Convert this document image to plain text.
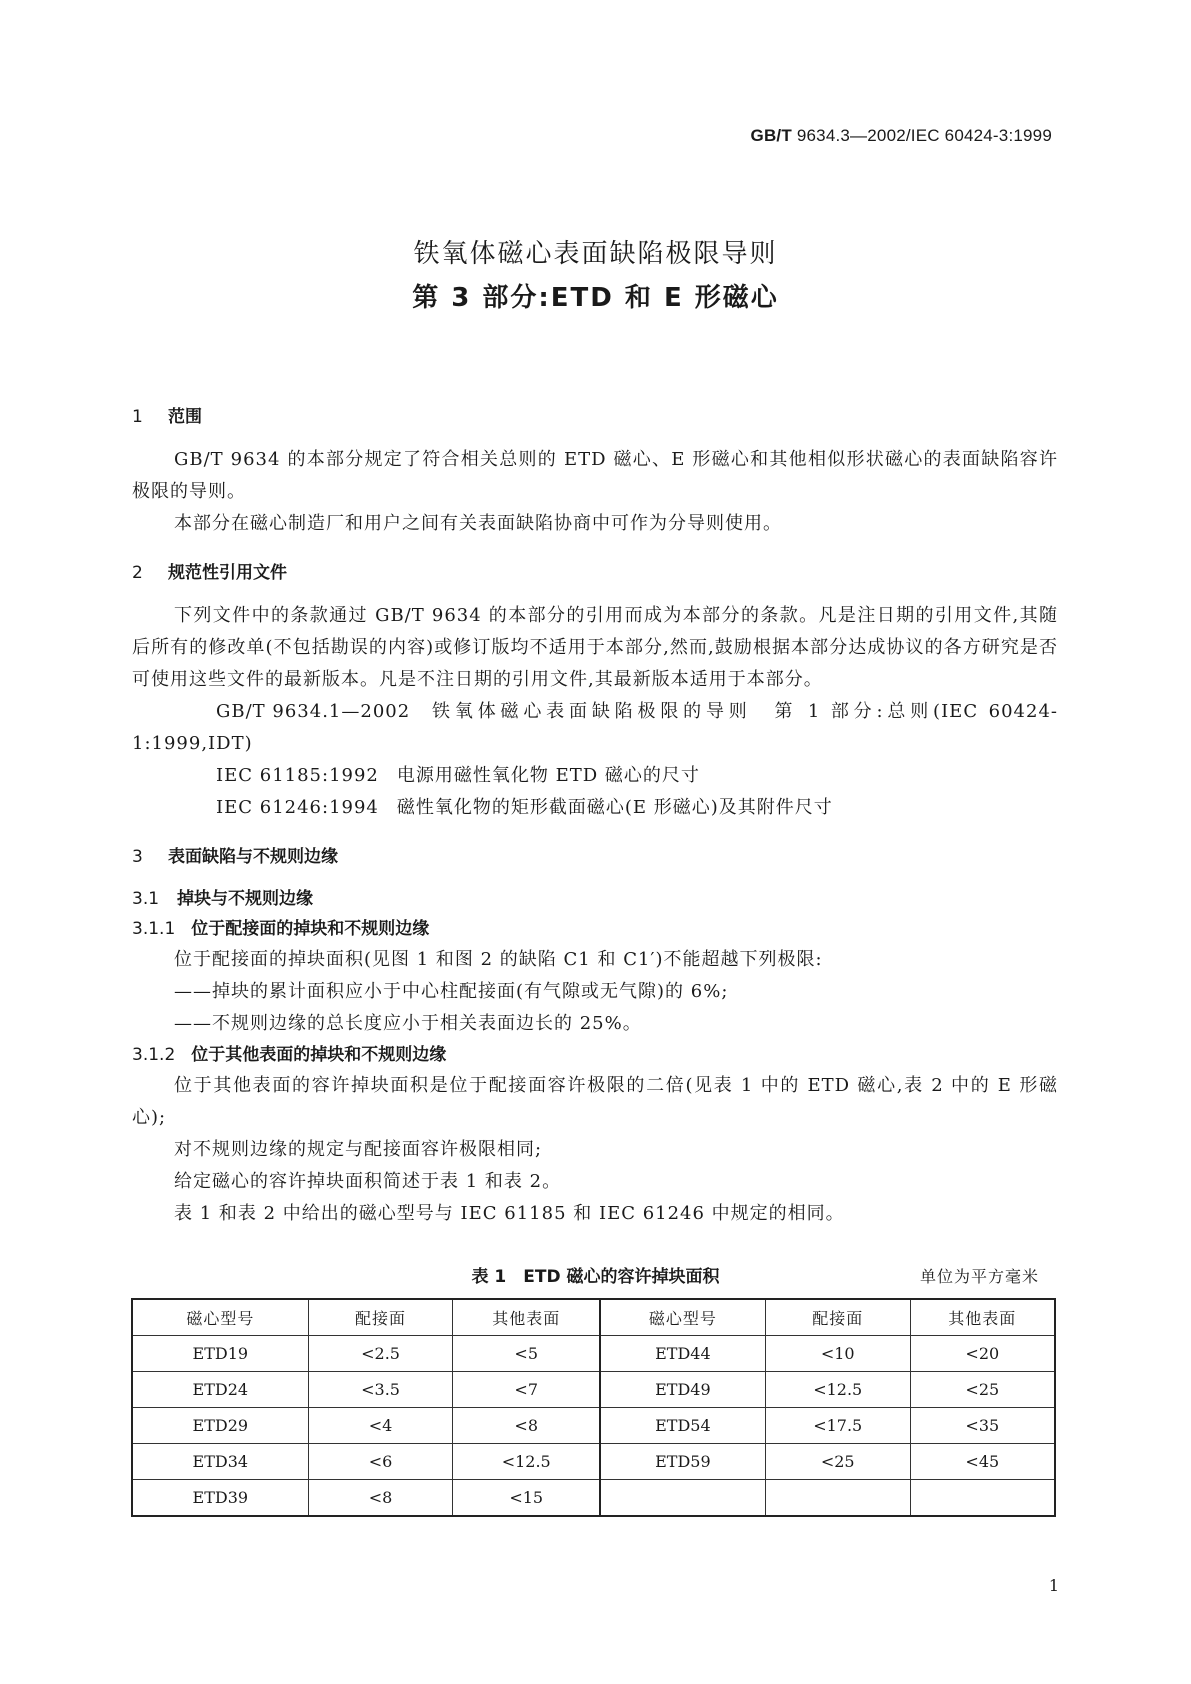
GB/T 9634.3—2002/IEC 60424-3:1999
铁氧体磁心表面缺陷极限导则
第 3 部分:ETD 和 E 形磁心
1 范围

GB/T 9634 的本部分规定了符合相关总则的 ETD 磁心、E 形磁心和其他相似形状磁心的表面缺陷容许极限的导则。

本部分在磁心制造厂和用户之间有关表面缺陷协商中可作为分导则使用。

2 规范性引用文件

下列文件中的条款通过 GB/T 9634 的本部分的引用而成为本部分的条款。凡是注日期的引用文件,其随后所有的修改单(不包括勘误的内容)或修订版均不适用于本部分,然而,鼓励根据本部分达成协议的各方研究是否可使用这些文件的最新版本。凡是不注日期的引用文件,其最新版本适用于本部分。

GB/T 9634.1—2002 铁氧体磁心表面缺陷极限的导则　第 1 部分:总则(IEC 60424-1:1999,IDT)

IEC 61185:1992 电源用磁性氧化物 ETD 磁心的尺寸

IEC 61246:1994 磁性氧化物的矩形截面磁心(E 形磁心)及其附件尺寸

3 表面缺陷与不规则边缘
3.1 掉块与不规则边缘
3.1.1 位于配接面的掉块和不规则边缘

位于配接面的掉块面积(见图 1 和图 2 的缺陷 C1 和 C1′)不能超越下列极限:

——掉块的累计面积应小于中心柱配接面(有气隙或无气隙)的 6%;

——不规则边缘的总长度应小于相关表面边长的 25%。

3.1.2 位于其他表面的掉块和不规则边缘

位于其他表面的容许掉块面积是位于配接面容许极限的二倍(见表 1 中的 ETD 磁心,表 2 中的 E 形磁心);

对不规则边缘的规定与配接面容许极限相同;

给定磁心的容许掉块面积简述于表 1 和表 2。

表 1 和表 2 中给出的磁心型号与 IEC 61185 和 IEC 61246 中规定的相同。

表 1　ETD 磁心的容许掉块面积	单位为平方毫米
磁心型号	配接面	其他表面	磁心型号	配接面	其他表面
ETD19	<2.5	<5	ETD44	<10	<20
ETD24	<3.5	<7	ETD49	<12.5	<25
ETD29	<4	<8	ETD54	<17.5	<35
ETD34	<6	<12.5	ETD59	<25	<45
ETD39	<8	<15			
1
